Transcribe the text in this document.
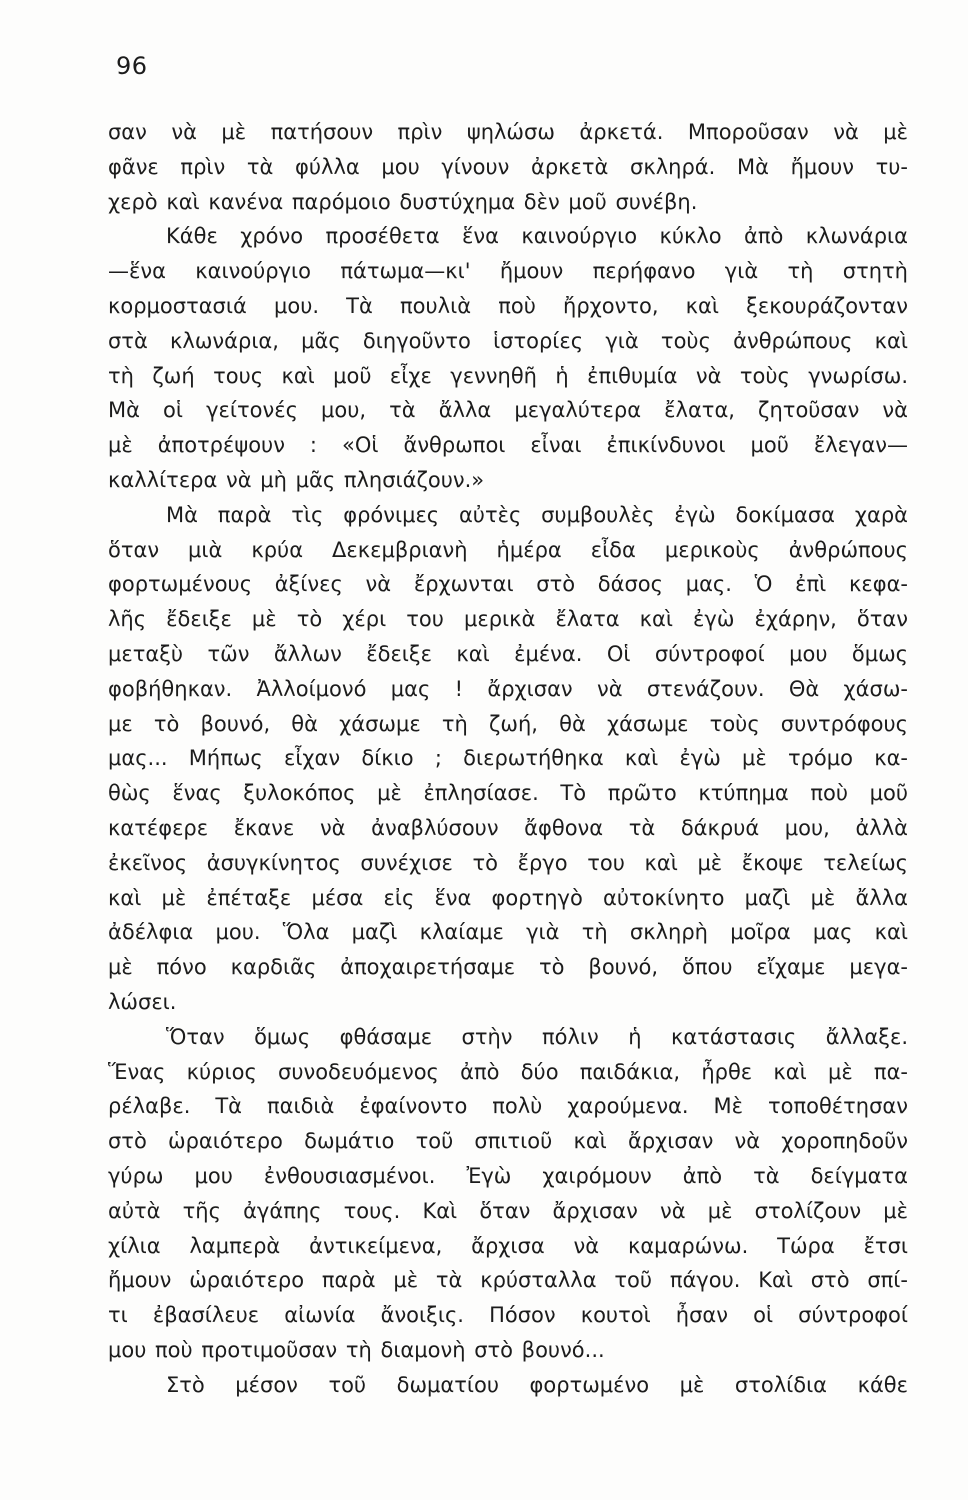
96

σαν νὰ μὲ πατήσουν πρὶν ψηλώσω ἀρκετά. Μποροῦσαν νὰ μὲ
φᾶνε πρὶν τὰ φύλλα μου γίνουν ἀρκετὰ σκληρά. Μὰ ἤμουν τυ-
χερὸ καὶ κανένα παρόμοιο δυστύχημα δὲν μοῦ συνέβη.

Κάθε χρόνο προσέθετα ἕνα καινούργιο κύκλο ἀπὸ κλωνάρια
—ἕνα καινούργιο πάτωμα—κι' ἤμουν περήφανο γιὰ τὴ στητὴ
κορμοστασιά μου. Τὰ πουλιὰ ποὺ ἤρχοντο, καὶ ξεκουράζονταν
στὰ κλωνάρια, μᾶς διηγοῦντο ἱστορίες γιὰ τοὺς ἀνθρώπους καὶ
τὴ ζωή τους καὶ μοῦ εἶχε γεννηθῆ ἡ ἐπιθυμία νὰ τοὺς γνωρίσω.
Μὰ οἱ γείτονές μου, τὰ ἄλλα μεγαλύτερα ἔλατα, ζητοῦσαν νὰ
μὲ ἀποτρέψουν : «Οἱ ἄνθρωποι εἶναι ἐπικίνδυνοι μοῦ ἔλεγαν—
καλλίτερα νὰ μὴ μᾶς πλησιάζουν.»

Μὰ παρὰ τὶς φρόνιμες αὐτὲς συμβουλὲς ἐγὼ δοκίμασα χαρὰ
ὅταν μιὰ κρύα Δεκεμβριανὴ ἡμέρα εἶδα μερικοὺς ἀνθρώπους
φορτωμένους ἀξίνες νὰ ἔρχωνται στὸ δάσος μας. Ὁ ἐπὶ κεφα-
λῆς ἔδειξε μὲ τὸ χέρι του μερικὰ ἔλατα καὶ ἐγὼ ἐχάρην, ὅταν
μεταξὺ τῶν ἄλλων ἔδειξε καὶ ἐμένα. Οἱ σύντροφοί μου ὅμως
φοβήθηκαν. Ἀλλοίμονό μας ! ἄρχισαν νὰ στενάζουν. Θὰ χάσω-
με τὸ βουνό, θὰ χάσωμε τὴ ζωή, θὰ χάσωμε τοὺς συντρόφους
μας... Μήπως εἶχαν δίκιο ; διερωτήθηκα καὶ ἐγὼ μὲ τρόμο κα-
θὼς ἕνας ξυλοκόπος μὲ ἐπλησίασε. Τὸ πρῶτο κτύπημα ποὺ μοῦ
κατέφερε ἔκανε νὰ ἀναβλύσουν ἄφθονα τὰ δάκρυά μου, ἀλλὰ
ἐκεῖνος ἀσυγκίνητος συνέχισε τὸ ἔργο του καὶ μὲ ἔκοψε τελείως
καὶ μὲ ἐπέταξε μέσα εἰς ἕνα φορτηγὸ αὐτοκίνητο μαζὶ μὲ ἄλλα
ἀδέλφια μου. Ὅλα μαζὶ κλαίαμε γιὰ τὴ σκληρὴ μοῖρα μας καὶ
μὲ πόνο καρδιᾶς ἀποχαιρετήσαμε τὸ βουνό, ὅπου εἴχαμε μεγα-
λώσει.

Ὅταν ὅμως φθάσαμε στὴν πόλιν ἡ κατάστασις ἄλλαξε.
Ἕνας κύριος συνοδευόμενος ἀπὸ δύο παιδάκια, ἦρθε καὶ μὲ πα-
ρέλαβε. Τὰ παιδιὰ ἐφαίνοντο πολὺ χαρούμενα. Μὲ τοποθέτησαν
στὸ ὡραιότερο δωμάτιο τοῦ σπιτιοῦ καὶ ἄρχισαν νὰ χοροπηδοῦν
γύρω μου ἐνθουσιασμένοι. Ἐγὼ χαιρόμουν ἀπὸ τὰ δείγματα
αὐτὰ τῆς ἀγάπης τους. Καὶ ὅταν ἄρχισαν νὰ μὲ στολίζουν μὲ
χίλια λαμπερὰ ἀντικείμενα, ἄρχισα νὰ καμαρώνω. Τώρα ἔτσι
ἤμουν ὡραιότερο παρὰ μὲ τὰ κρύσταλλα τοῦ πάγου. Καὶ στὸ σπί-
τι ἐβασίλευε αἰωνία ἄνοιξις. Πόσον κουτοὶ ἦσαν οἱ σύντροφοί
μου ποὺ προτιμοῦσαν τὴ διαμονὴ στὸ βουνό...

Στὸ μέσον τοῦ δωματίου φορτωμένο μὲ στολίδια κάθε
